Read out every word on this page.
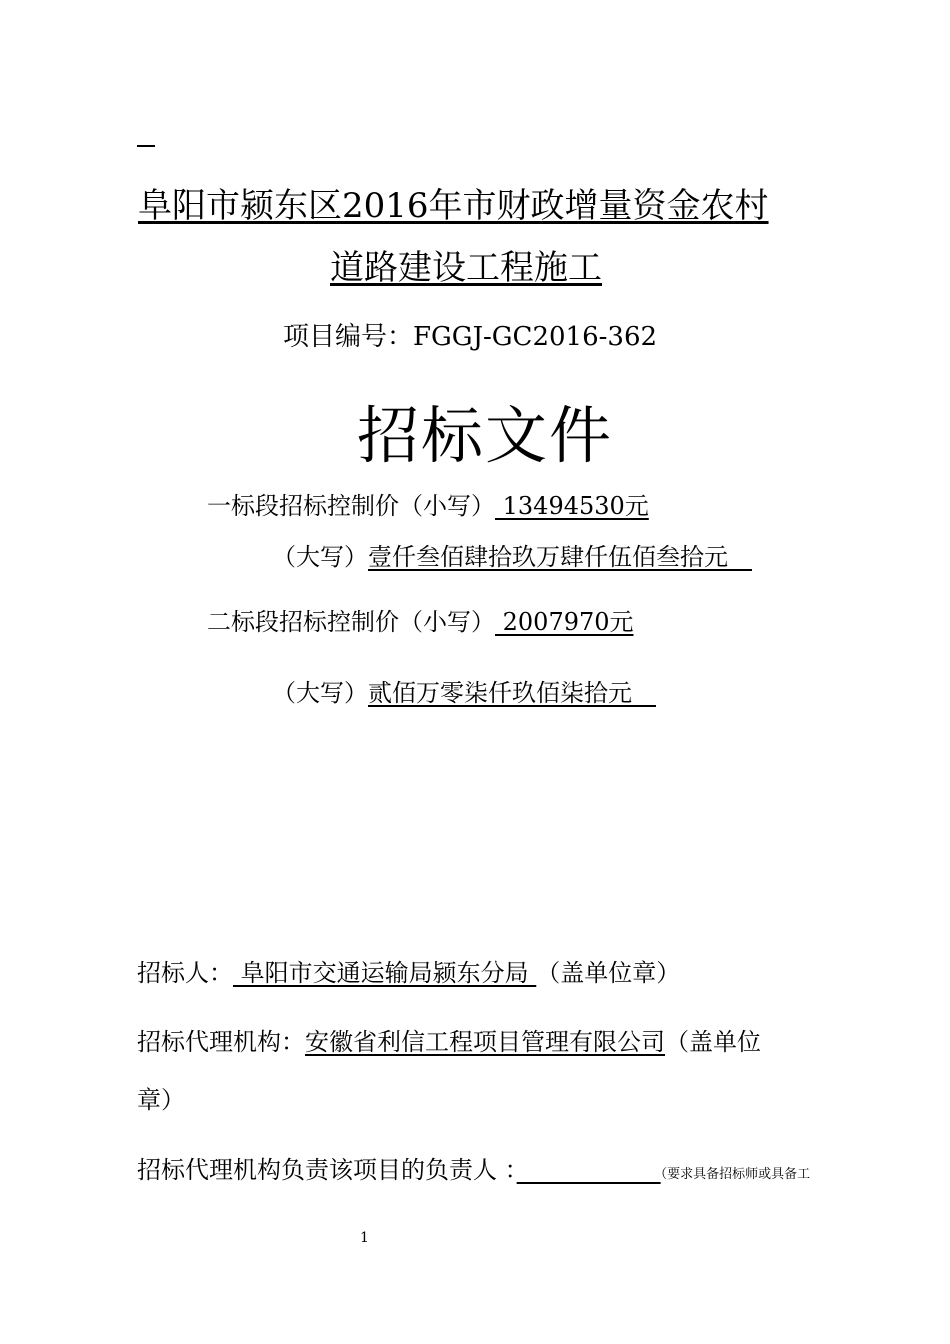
阜阳市颍东区2016年市财政增量资金农村
道路建设工程施工
项目编号：FGGJ-GC2016-362
招标文件
一标段招标控制价（小写） 13494530元
（大写）壹仟叁佰肆拾玖万肆仟伍佰叁拾元　
二标段招标控制价（小写） 2007970元
（大写）贰佰万零柒仟玖佰柒拾元　
招标人： 阜阳市交通运输局颍东分局 （盖单位章）
招标代理机构：安徽省利信工程项目管理有限公司（盖单位
章）
招标代理机构负责该项目的负责人 ：　　　　　　	（要求具备招标师或具备工
1
